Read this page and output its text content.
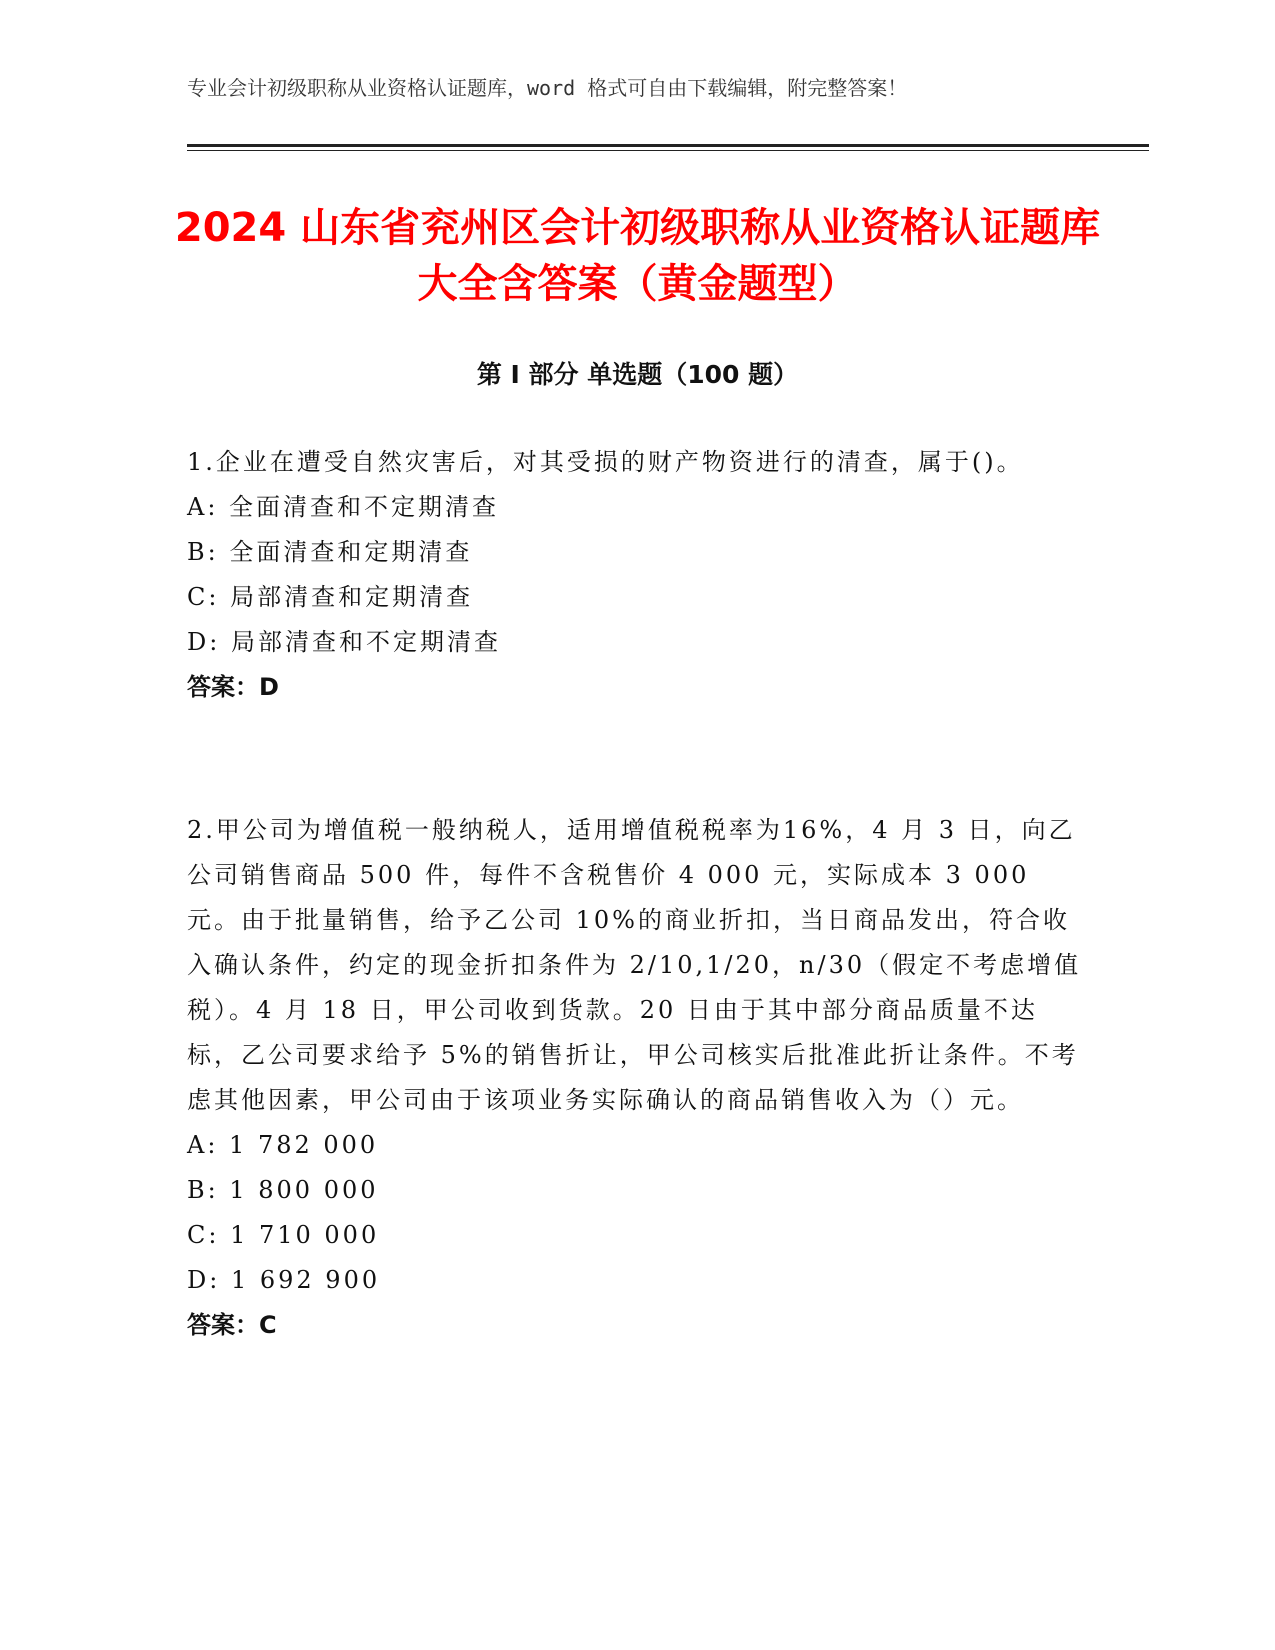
专业会计初级职称从业资格认证题库，word 格式可自由下载编辑，附完整答案！
2024 山东省兖州区会计初级职称从业资格认证题库大全含答案（黄金题型）
第 I 部分 单选题（100 题）

1.企业在遭受自然灾害后，对其受损的财产物资进行的清查，属于()。

A: 全面清查和不定期清查

B: 全面清查和定期清查

C: 局部清查和定期清查

D: 局部清查和不定期清查

答案：D

2.甲公司为增值税一般纳税人，适用增值税税率为16%，4 月 3 日，向乙公司销售商品 500 件，每件不含税售价 4 000 元，实际成本 3 000 元。由于批量销售，给予乙公司 10%的商业折扣，当日商品发出，符合收入确认条件，约定的现金折扣条件为 2/10,1/20，n/30（假定不考虑增值税）。4 月 18 日，甲公司收到货款。20 日由于其中部分商品质量不达标，乙公司要求给予 5%的销售折让，甲公司核实后批准此折让条件。不考虑其他因素，甲公司由于该项业务实际确认的商品销售收入为（）元。

A: 1 782 000

B: 1 800 000

C: 1 710 000

D: 1 692 900

答案：C
